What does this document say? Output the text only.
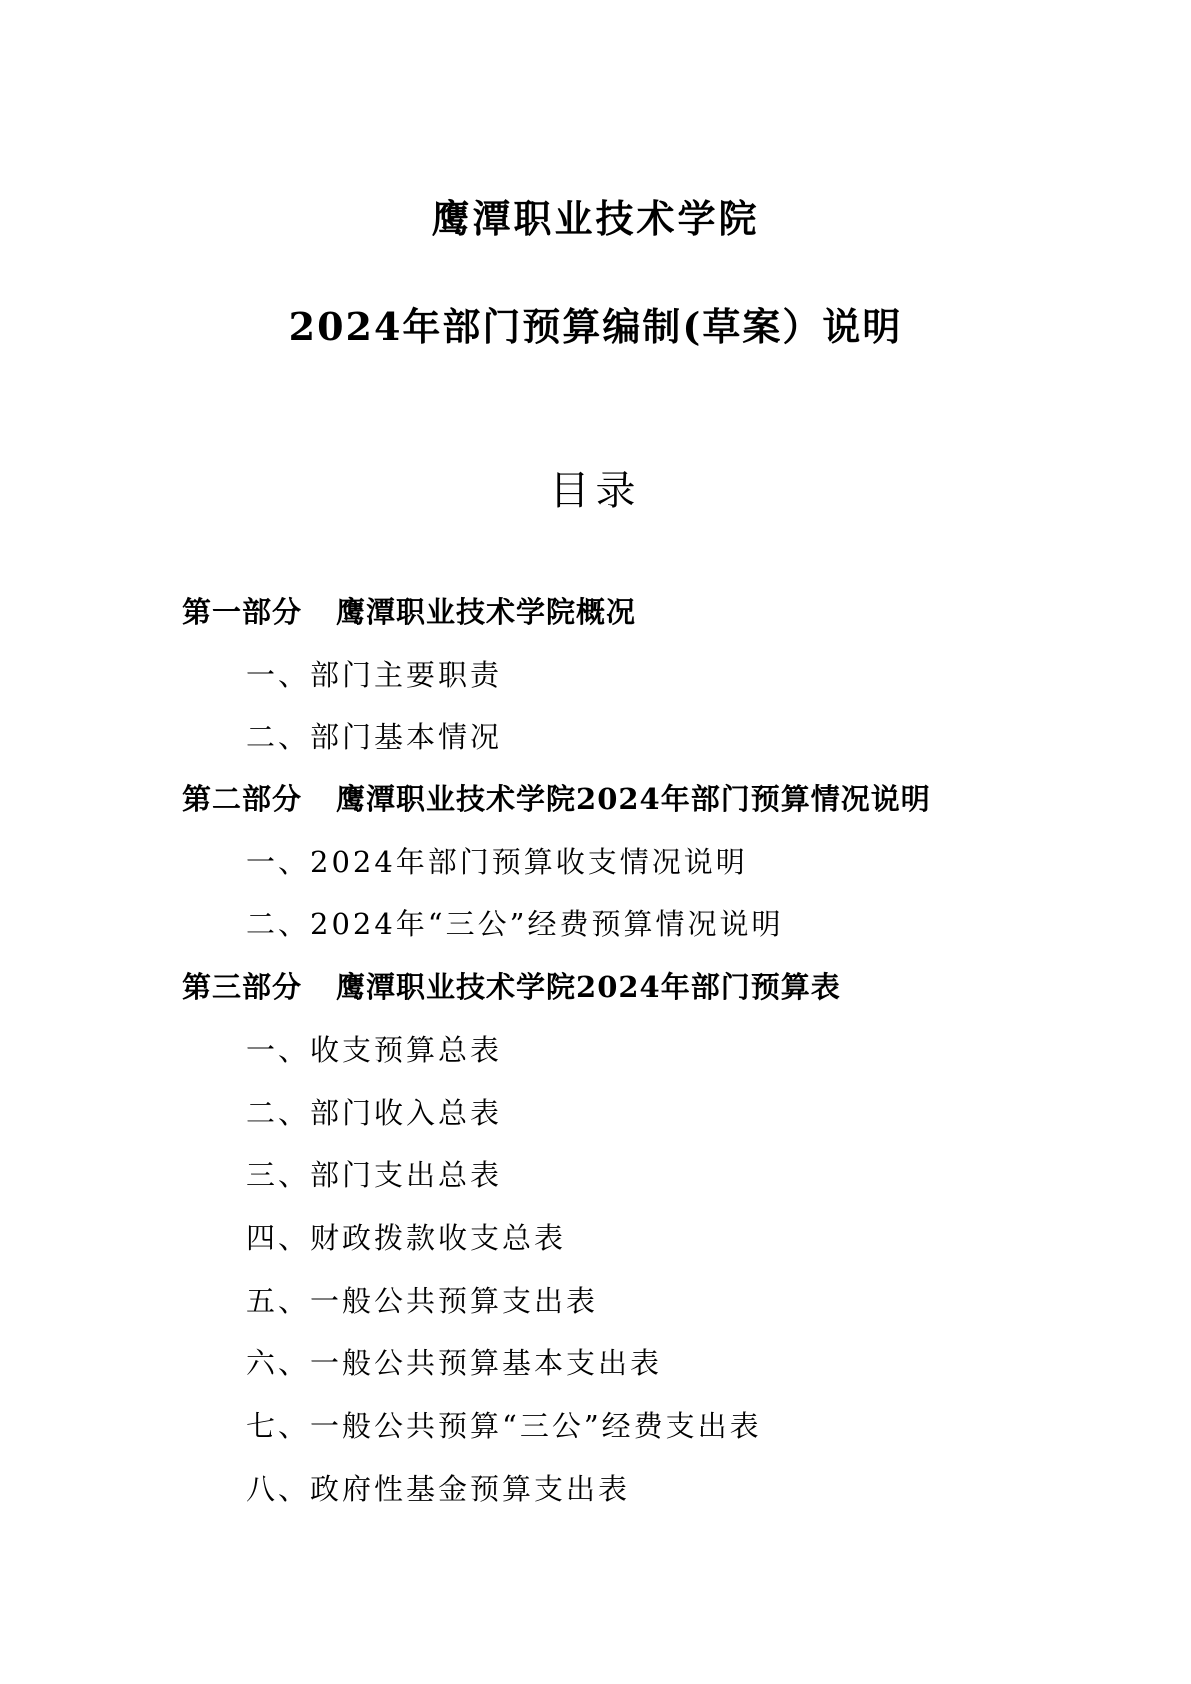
鹰潭职业技术学院
2024年部门预算编制(草案）说明
目录
第一部分 鹰潭职业技术学院概况
一、部门主要职责
二、部门基本情况
第二部分 鹰潭职业技术学院2024年部门预算情况说明
一、2024年部门预算收支情况说明
二、2024年“三公”经费预算情况说明
第三部分 鹰潭职业技术学院2024年部门预算表
一、收支预算总表
二、部门收入总表
三、部门支出总表
四、财政拨款收支总表
五、一般公共预算支出表
六、一般公共预算基本支出表
七、一般公共预算“三公”经费支出表
八、政府性基金预算支出表
